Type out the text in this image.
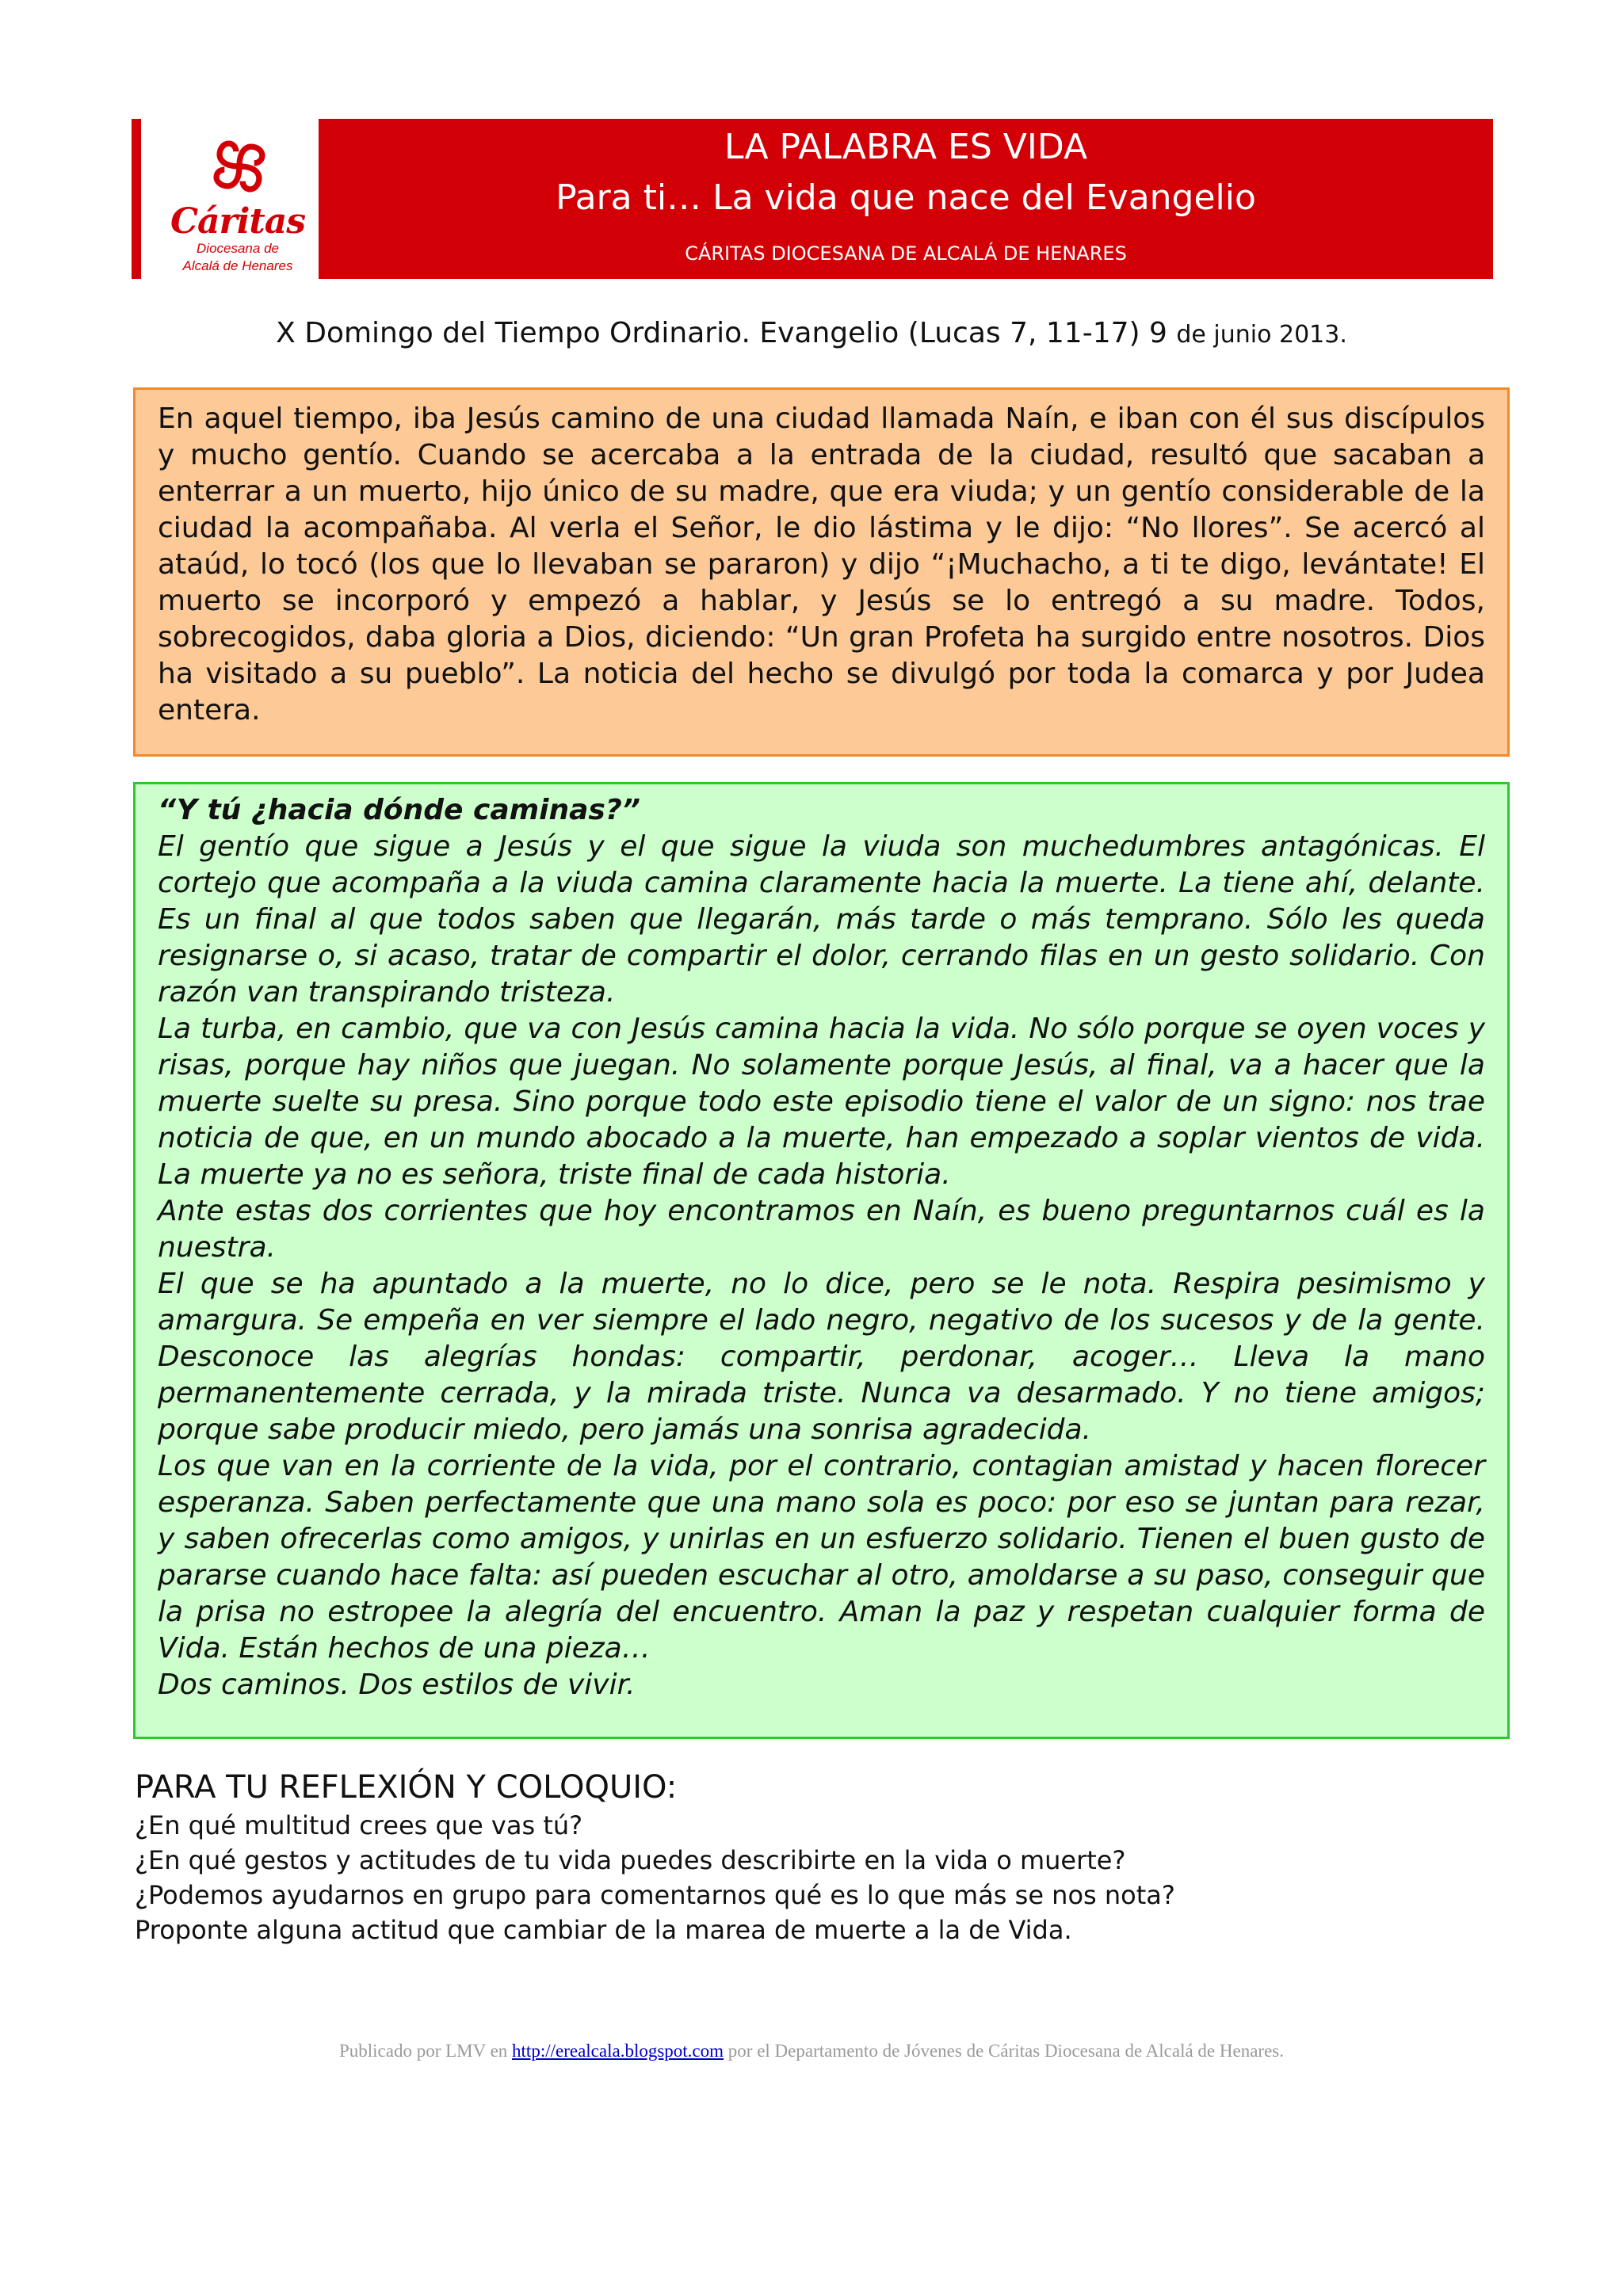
Cáritas
Diocesana de
Alcalá de Henares
LA PALABRA ES VIDA
Para ti… La vida que nace del Evangelio
CÁRITAS DIOCESANA DE ALCALÁ DE HENARES
X Domingo del Tiempo Ordinario. Evangelio (Lucas 7, 11-17) 9 de junio 2013.

En aquel tiempo, iba Jesús camino de una ciudad llamada Naín, e iban con él sus discípulos y mucho gentío. Cuando se acercaba a la entrada de la ciudad, resultó que sacaban a enterrar a un muerto, hijo único de su madre, que era viuda; y un gentío considerable de la ciudad la acompañaba. Al verla el Señor, le dio lástima y le dijo: “No llores”. Se acercó al ataúd, lo tocó (los que lo llevaban se pararon) y dijo “¡Muchacho, a ti te digo, levántate! El muerto se incorporó y empezó a hablar, y Jesús se lo entregó a su madre. Todos, sobrecogidos, daba gloria a Dios, diciendo: “Un gran Profeta ha surgido entre nosotros. Dios ha visitado a su pueblo”. La noticia del hecho se divulgó por toda la comarca y por Judea entera.

“Y tú ¿hacia dónde caminas?”

El gentío que sigue a Jesús y el que sigue la viuda son muchedumbres antagónicas. El cortejo que acompaña a la viuda camina claramente hacia la muerte. La tiene ahí, delante. Es un final al que todos saben que llegarán, más tarde o más temprano. Sólo les queda resignarse o, si acaso, tratar de compartir el dolor, cerrando filas en un gesto solidario. Con razón van transpirando tristeza.

La turba, en cambio, que va con Jesús camina hacia la vida. No sólo porque se oyen voces y risas, porque hay niños que juegan. No solamente porque Jesús, al final, va a hacer que la muerte suelte su presa. Sino porque todo este episodio tiene el valor de un signo: nos trae noticia de que, en un mundo abocado a la muerte, han empezado a soplar vientos de vida. La muerte ya no es señora, triste final de cada historia.

Ante estas dos corrientes que hoy encontramos en Naín, es bueno preguntarnos cuál es la nuestra.

El que se ha apuntado a la muerte, no lo dice, pero se le nota. Respira pesimismo y amargura. Se empeña en ver siempre el lado negro, negativo de los sucesos y de la gente. Desconoce las alegrías hondas: compartir, perdonar, acoger… Lleva la mano permanentemente cerrada, y la mirada triste. Nunca va desarmado. Y no tiene amigos; porque sabe producir miedo, pero jamás una sonrisa agradecida.

Los que van en la corriente de la vida, por el contrario, contagian amistad y hacen florecer esperanza. Saben perfectamente que una mano sola es poco: por eso se juntan para rezar, y saben ofrecerlas como amigos, y unirlas en un esfuerzo solidario. Tienen el buen gusto de pararse cuando hace falta: así pueden escuchar al otro, amoldarse a su paso, conseguir que la prisa no estropee la alegría del encuentro. Aman la paz y respetan cualquier forma de Vida. Están hechos de una pieza…

Dos caminos. Dos estilos de vivir.

PARA TU REFLEXIÓN Y COLOQUIO:

¿En qué multitud crees que vas tú?

¿En qué gestos y actitudes de tu vida puedes describirte en la vida o muerte?

¿Podemos ayudarnos en grupo para comentarnos qué es lo que más se nos nota?

Proponte alguna actitud que cambiar de la marea de muerte a la de Vida.

Publicado por LMV en http://erealcala.blogspot.com por el Departamento de Jóvenes de Cáritas Diocesana de Alcalá de Henares.
